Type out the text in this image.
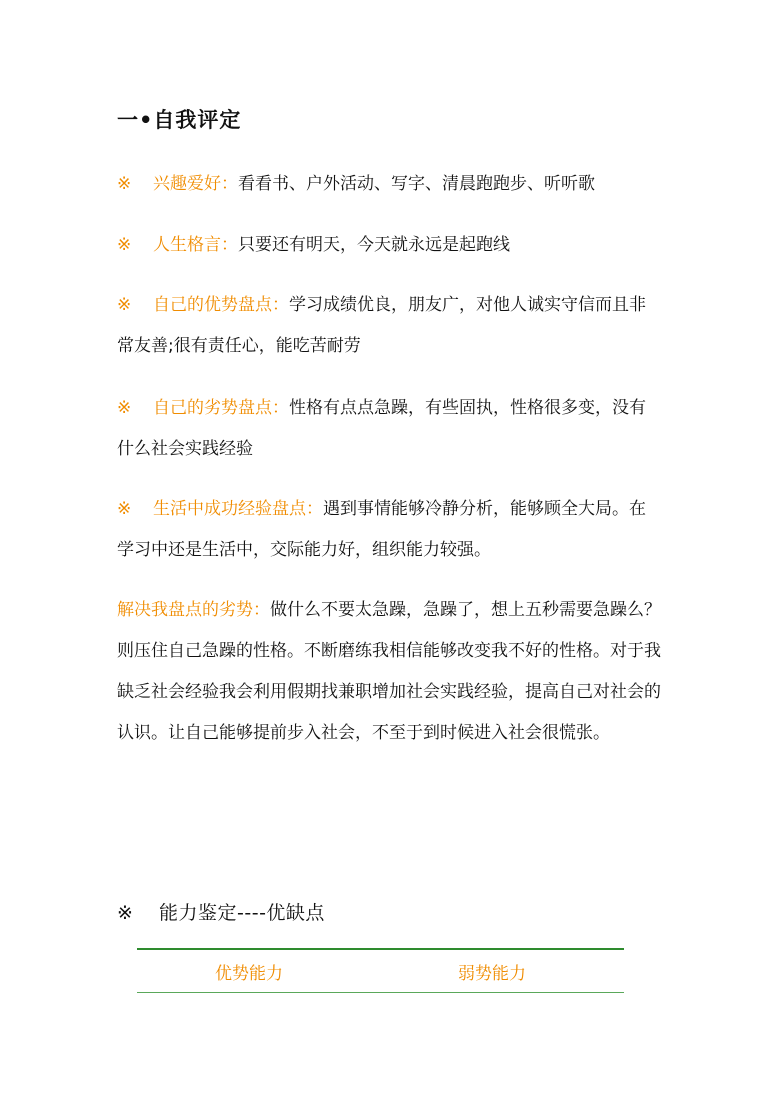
一•自我评定

※ 兴趣爱好：看看书、户外活动、写字、清晨跑跑步、听听歌

※ 人生格言：只要还有明天，今天就永远是起跑线

※ 自己的优势盘点：学习成绩优良，朋友广，对他人诚实守信而且非常友善;很有责任心，能吃苦耐劳

※ 自己的劣势盘点：性格有点点急躁，有些固执，性格很多变，没有什么社会实践经验

※ 生活中成功经验盘点：遇到事情能够冷静分析，能够顾全大局。在学习中还是生活中，交际能力好，组织能力较强。

解决我盘点的劣势：做什么不要太急躁，急躁了，想上五秒需要急躁么？则压住自己急躁的性格。不断磨练我相信能够改变我不好的性格。对于我缺乏社会经验我会利用假期找兼职增加社会实践经验，提高自己对社会的认识。让自己能够提前步入社会，不至于到时候进入社会很慌张。

※ 能力鉴定----优缺点
优势能力	弱势能力
